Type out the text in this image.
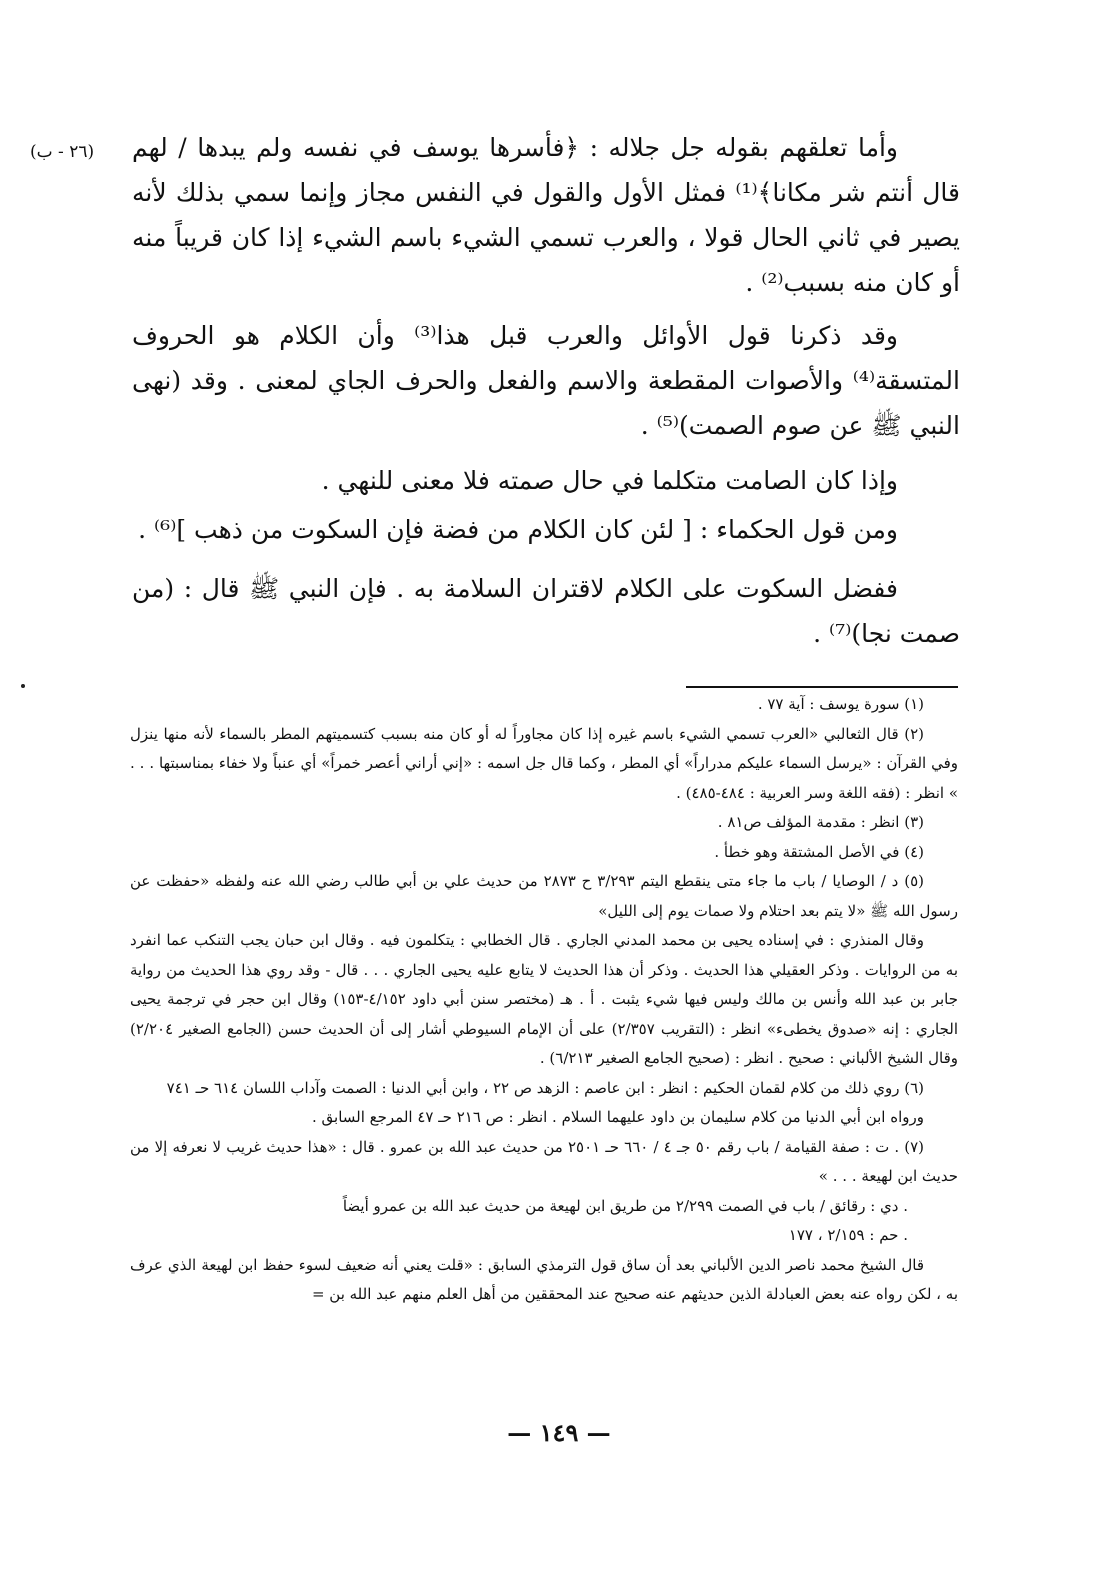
(٢٦ - ب) وأما تعلقهم بقوله جل جلاله : ﴿فأسرها يوسف في نفسه ولم يبدها / لهم قال أنتم شر مكانا﴾⁽¹⁾ فمثل الأول والقول في النفس مجاز وإنما سمي بذلك لأنه يصير في ثاني الحال قولا ، والعرب تسمي الشيء باسم الشيء إذا كان قريباً منه أو كان منه بسبب⁽²⁾ .

وقد ذكرنا قول الأوائل والعرب قبل هذا⁽³⁾ وأن الكلام هو الحروف المتسقة⁽⁴⁾ والأصوات المقطعة والاسم والفعل والحرف الجاي لمعنى . وقد (نهى النبي ﷺ عن صوم الصمت)⁽⁵⁾ .

وإذا كان الصامت متكلما في حال صمته فلا معنى للنهي .

ومن قول الحكماء : [ لئن كان الكلام من فضة فإن السكوت من ذهب ]⁽⁶⁾ .

ففضل السكوت على الكلام لاقتران السلامة به . فإن النبي ﷺ قال : (من صمت نجا)⁽⁷⁾ .

(١) سورة يوسف : آية ٧٧ .

(٢) قال الثعالبي «العرب تسمي الشيء باسم غيره إذا كان مجاوراً له أو كان منه بسبب كتسميتهم المطر بالسماء لأنه منها ينزل وفي القرآن : «يرسل السماء عليكم مدراراً» أي المطر ، وكما قال جل اسمه : «إني أراني أعصر خمراً» أي عنباً ولا خفاء بمناسبتها . . . » انظر : (فقه اللغة وسر العربية : ٤٨٤-٤٨٥) .

(٣) انظر : مقدمة المؤلف ص٨١ .

(٤) في الأصل المشتقة وهو خطأ .

(٥) د / الوصايا / باب ما جاء متى ينقطع اليتم ٣/٢٩٣ ح ٢٨٧٣ من حديث علي بن أبي طالب رضي الله عنه ولفظه «حفظت عن رسول الله ﷺ «لا يتم بعد احتلام ولا صمات يوم إلى الليل»

وقال المنذري : في إسناده يحيى بن محمد المدني الجاري . قال الخطابي : يتكلمون فيه . وقال ابن حبان يجب التنكب عما انفرد به من الروايات . وذكر العقيلي هذا الحديث . وذكر أن هذا الحديث لا يتابع عليه يحيى الجاري . . . قال - وقد روي هذا الحديث من رواية جابر بن عبد الله وأنس بن مالك وليس فيها شيء يثبت . أ . هـ (مختصر سنن أبي داود ٤/١٥٢-١٥٣) وقال ابن حجر في ترجمة يحيى الجاري : إنه «صدوق يخطىء» انظر : (التقريب ٢/٣٥٧) على أن الإمام السيوطي أشار إلى أن الحديث حسن (الجامع الصغير ٢/٢٠٤) وقال الشيخ الألباني : صحيح . انظر : (صحيح الجامع الصغير ٦/٢١٣) .

(٦) روي ذلك من كلام لقمان الحكيم : انظر : ابن عاصم : الزهد ص ٢٢ ، وابن أبي الدنيا : الصمت وآداب اللسان ٦١٤ حـ ٧٤١

ورواه ابن أبي الدنيا من كلام سليمان بن داود عليهما السلام . انظر : ص ٢١٦ حـ ٤٧ المرجع السابق .

(٧) . ت : صفة القيامة / باب رقم ٥٠ جـ ٤ / ٦٦٠ حـ ٢٥٠١ من حديث عبد الله بن عمرو . قال : «هذا حديث غريب لا نعرفه إلا من حديث ابن لهيعة . . . »

. دي : رقائق / باب في الصمت ٢/٢٩٩ من طريق ابن لهيعة من حديث عبد الله بن عمرو أيضاً

. حم : ٢/١٥٩ ، ١٧٧

قال الشيخ محمد ناصر الدين الألباني بعد أن ساق قول الترمذي السابق : «قلت يعني أنه ضعيف لسوء حفظ ابن لهيعة الذي عرف به ، لكن رواه عنه بعض العبادلة الذين حديثهم عنه صحيح عند المحققين من أهل العلم منهم عبد الله بن =

— ١٤٩ —
